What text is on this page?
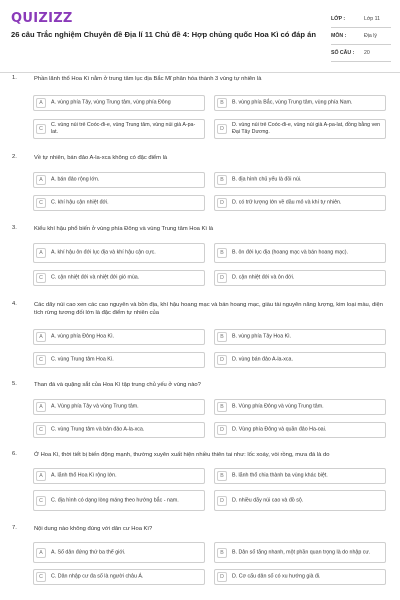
QUIZIZZ
26 câu Trắc nghiệm Chuyên đề Địa lí 11 Chủ đề 4: Hợp chủng quốc Hoa Kì có đáp án
LỚP :	Lớp 11
MÔN :	Địa lý
SỐ CÂU : 20
1.	Phần lãnh thổ Hoa Kì nằm ở trung tâm lục địa Bắc Mĩ phân hóa thành 3 vùng tự nhiên là
A	A. vùng phía Tây, vùng Trung tâm, vùng phía Đông	B	B. vùng phía Bắc, vùng Trung tâm, vùng phía Nam.
C
C. vùng núi trẻ Coóc-đi-e, vùng Trung tâm, vùng núi già A-pa-lat.	D
D. vùng núi trẻ Coóc-đi-e, vùng núi già A-pa-lat, đồng bằng ven Đại Tây Dương.
2.	Về tự nhiên, bán đảo A-la-xca không có đặc điểm là
A	A. bán đảo rộng lớn.	B	B. địa hình chủ yếu là đồi núi.
C	C. khí hậu cận nhiệt đới.	D	D. có trữ lượng lớn về dầu mỏ và khí tự nhiên.
3.	Kiểu khí hậu phổ biến ở vùng phía Đông và vùng Trung tâm Hoa Kì là
A	A. khí hậu ôn đới lục địa và khí hậu cận cực.	B	B. ôn đới lục địa (hoang mạc và bán hoang mạc).
C	C. cận nhiệt đới và nhiệt đới gió mùa.	D	D. cận nhiệt đới và ôn đới.
4.	Các dãy núi cao xen các cao nguyên và bồn địa, khí hậu hoang mạc và bán hoang mạc, giàu tài nguyên năng lượng, kim loại màu, diện tích rừng tương đối lớn là đặc điểm tự nhiên của
A	A. vùng phía Đông Hoa Kì.	B	B. vùng phía Tây Hoa Kì.
C	C. vùng Trung tâm Hoa Kì.	D	D. vùng bán đảo A-la-xca.
5.	Than đá và quặng sắt của Hoa Kì tập trung chủ yếu ở vùng nào?
A	A. Vùng phía Tây và vùng Trung tâm.	B	B. Vùng phía Đông và vùng Trung tâm.
C	C. vùng Trung tâm và bán đảo A-la-xca.	D	D. Vùng phía Đông và quần đảo Ha-oai.
6.	Ở Hoa Kì, thời tiết bị biến động mạnh, thường xuyên xuất hiện nhiều thiên tai như: lốc xoáy, vòi rồng, mưa đá là do
A	A. lãnh thổ Hoa Kì rộng lớn.	B	B. lãnh thổ chia thành ba vùng khác biệt.
C	C. địa hình có dạng lòng máng theo hướng bắc - nam.	D	D. nhiều dãy núi cao và đồ sộ.
7.	Nội dung nào không đúng với dân cư Hoa Kì?
A	A. Số dân đứng thứ ba thế giới.	B	B. Dân số tăng nhanh, một phần quan trọng là do nhập cư.
C	C. Dân nhập cư đa số là người châu Á.	D	D. Cơ cấu dân số có xu hướng già đi.
